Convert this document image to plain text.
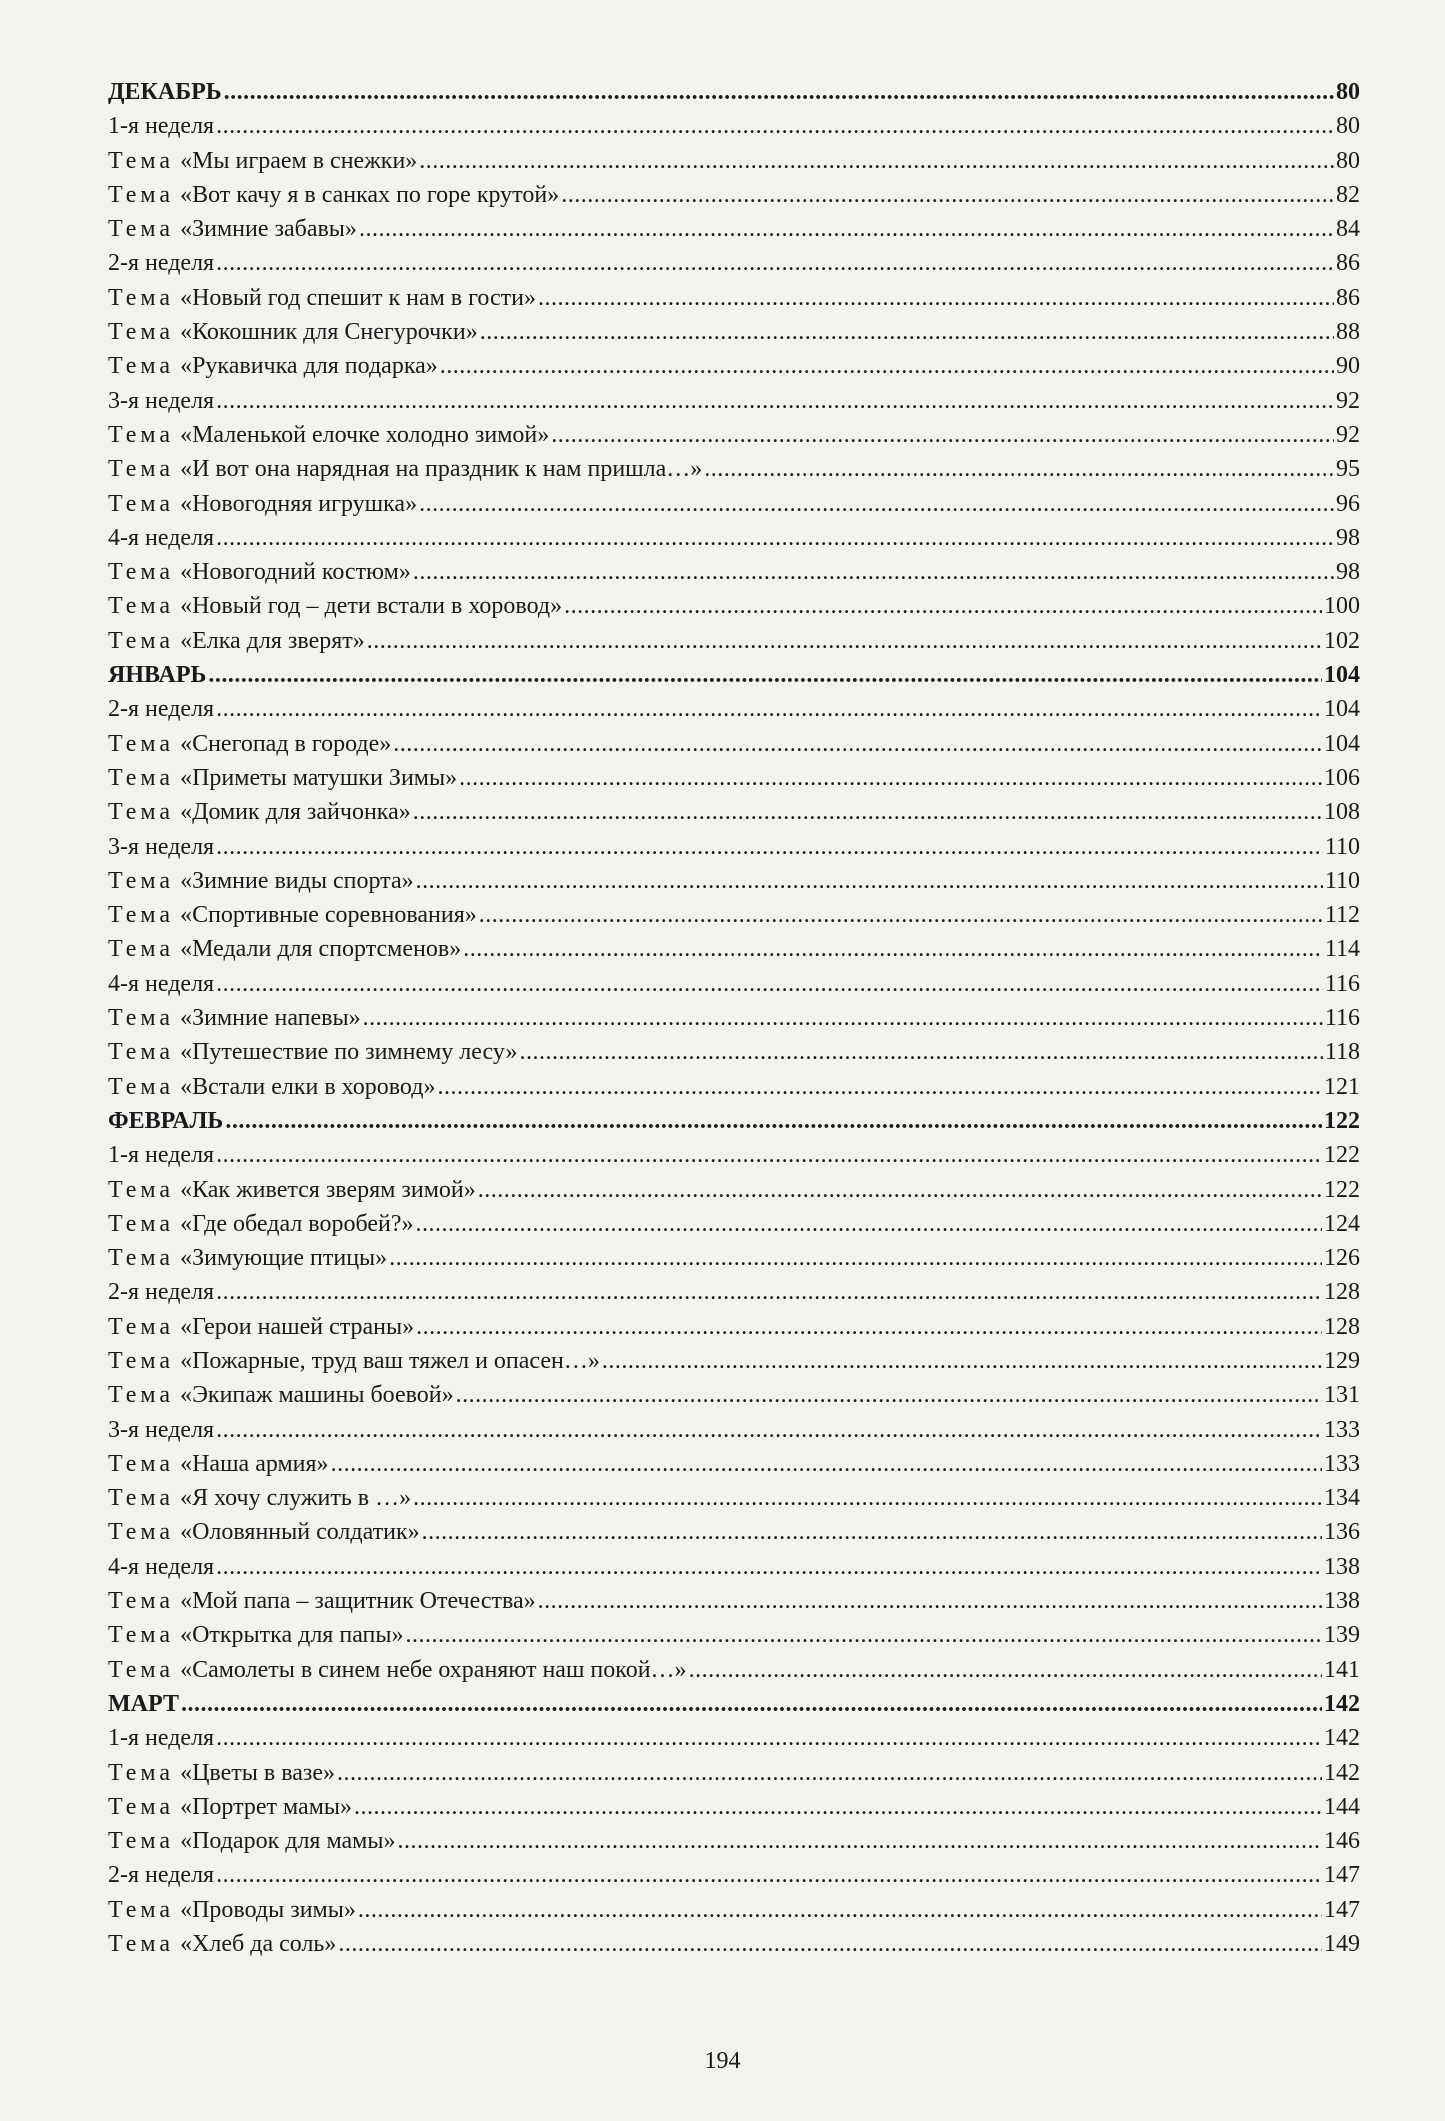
ДЕКАБРЬ .....	80
1-я неделя .....	80
Тема «Мы играем в снежки» .....	80
Тема «Вот качу я в санках по горе крутой» .....	82
Тема «Зимние забавы» .....	84
2-я неделя .....	86
Тема «Новый год спешит к нам в гости» .....	86
Тема «Кокошник для Снегурочки» .....	88
Тема «Рукавичка для подарка» .....	90
3-я неделя .....	92
Тема «Маленькой елочке холодно зимой» .....	92
Тема «И вот она нарядная на праздник к нам пришла…» .....	95
Тема «Новогодняя игрушка» .....	96
4-я неделя .....	98
Тема «Новогодний костюм» .....	98
Тема «Новый год – дети встали в хоровод» .....	100
Тема «Елка для зверят» .....	102
ЯНВАРЬ .....	104
2-я неделя .....	104
Тема «Снегопад в городе» .....	104
Тема «Приметы матушки Зимы» .....	106
Тема «Домик для зайчонка» .....	108
3-я неделя .....	110
Тема «Зимние виды спорта» .....	110
Тема «Спортивные соревнования» .....	112
Тема «Медали для спортсменов» .....	114
4-я неделя .....	116
Тема «Зимние напевы» .....	116
Тема «Путешествие по зимнему лесу» .....	118
Тема «Встали елки в хоровод» .....	121
ФЕВРАЛЬ .....	122
1-я неделя .....	122
Тема «Как живется зверям зимой» .....	122
Тема «Где обедал воробей?» .....	124
Тема «Зимующие птицы» .....	126
2-я неделя .....	128
Тема «Герои нашей страны» .....	128
Тема «Пожарные, труд ваш тяжел и опасен…» .....	129
Тема «Экипаж машины боевой» .....	131
3-я неделя .....	133
Тема «Наша армия» .....	133
Тема «Я хочу служить в …» .....	134
Тема «Оловянный солдатик» .....	136
4-я неделя .....	138
Тема «Мой папа – защитник Отечества» .....	138
Тема «Открытка для папы» .....	139
Тема «Самолеты в синем небе охраняют наш покой…» .....	141
МАРТ .....	142
1-я неделя .....	142
Тема «Цветы в вазе» .....	142
Тема «Портрет мамы» .....	144
Тема «Подарок для мамы» .....	146
2-я неделя .....	147
Тема «Проводы зимы» .....	147
Тема «Хлеб да соль» .....	149
194
